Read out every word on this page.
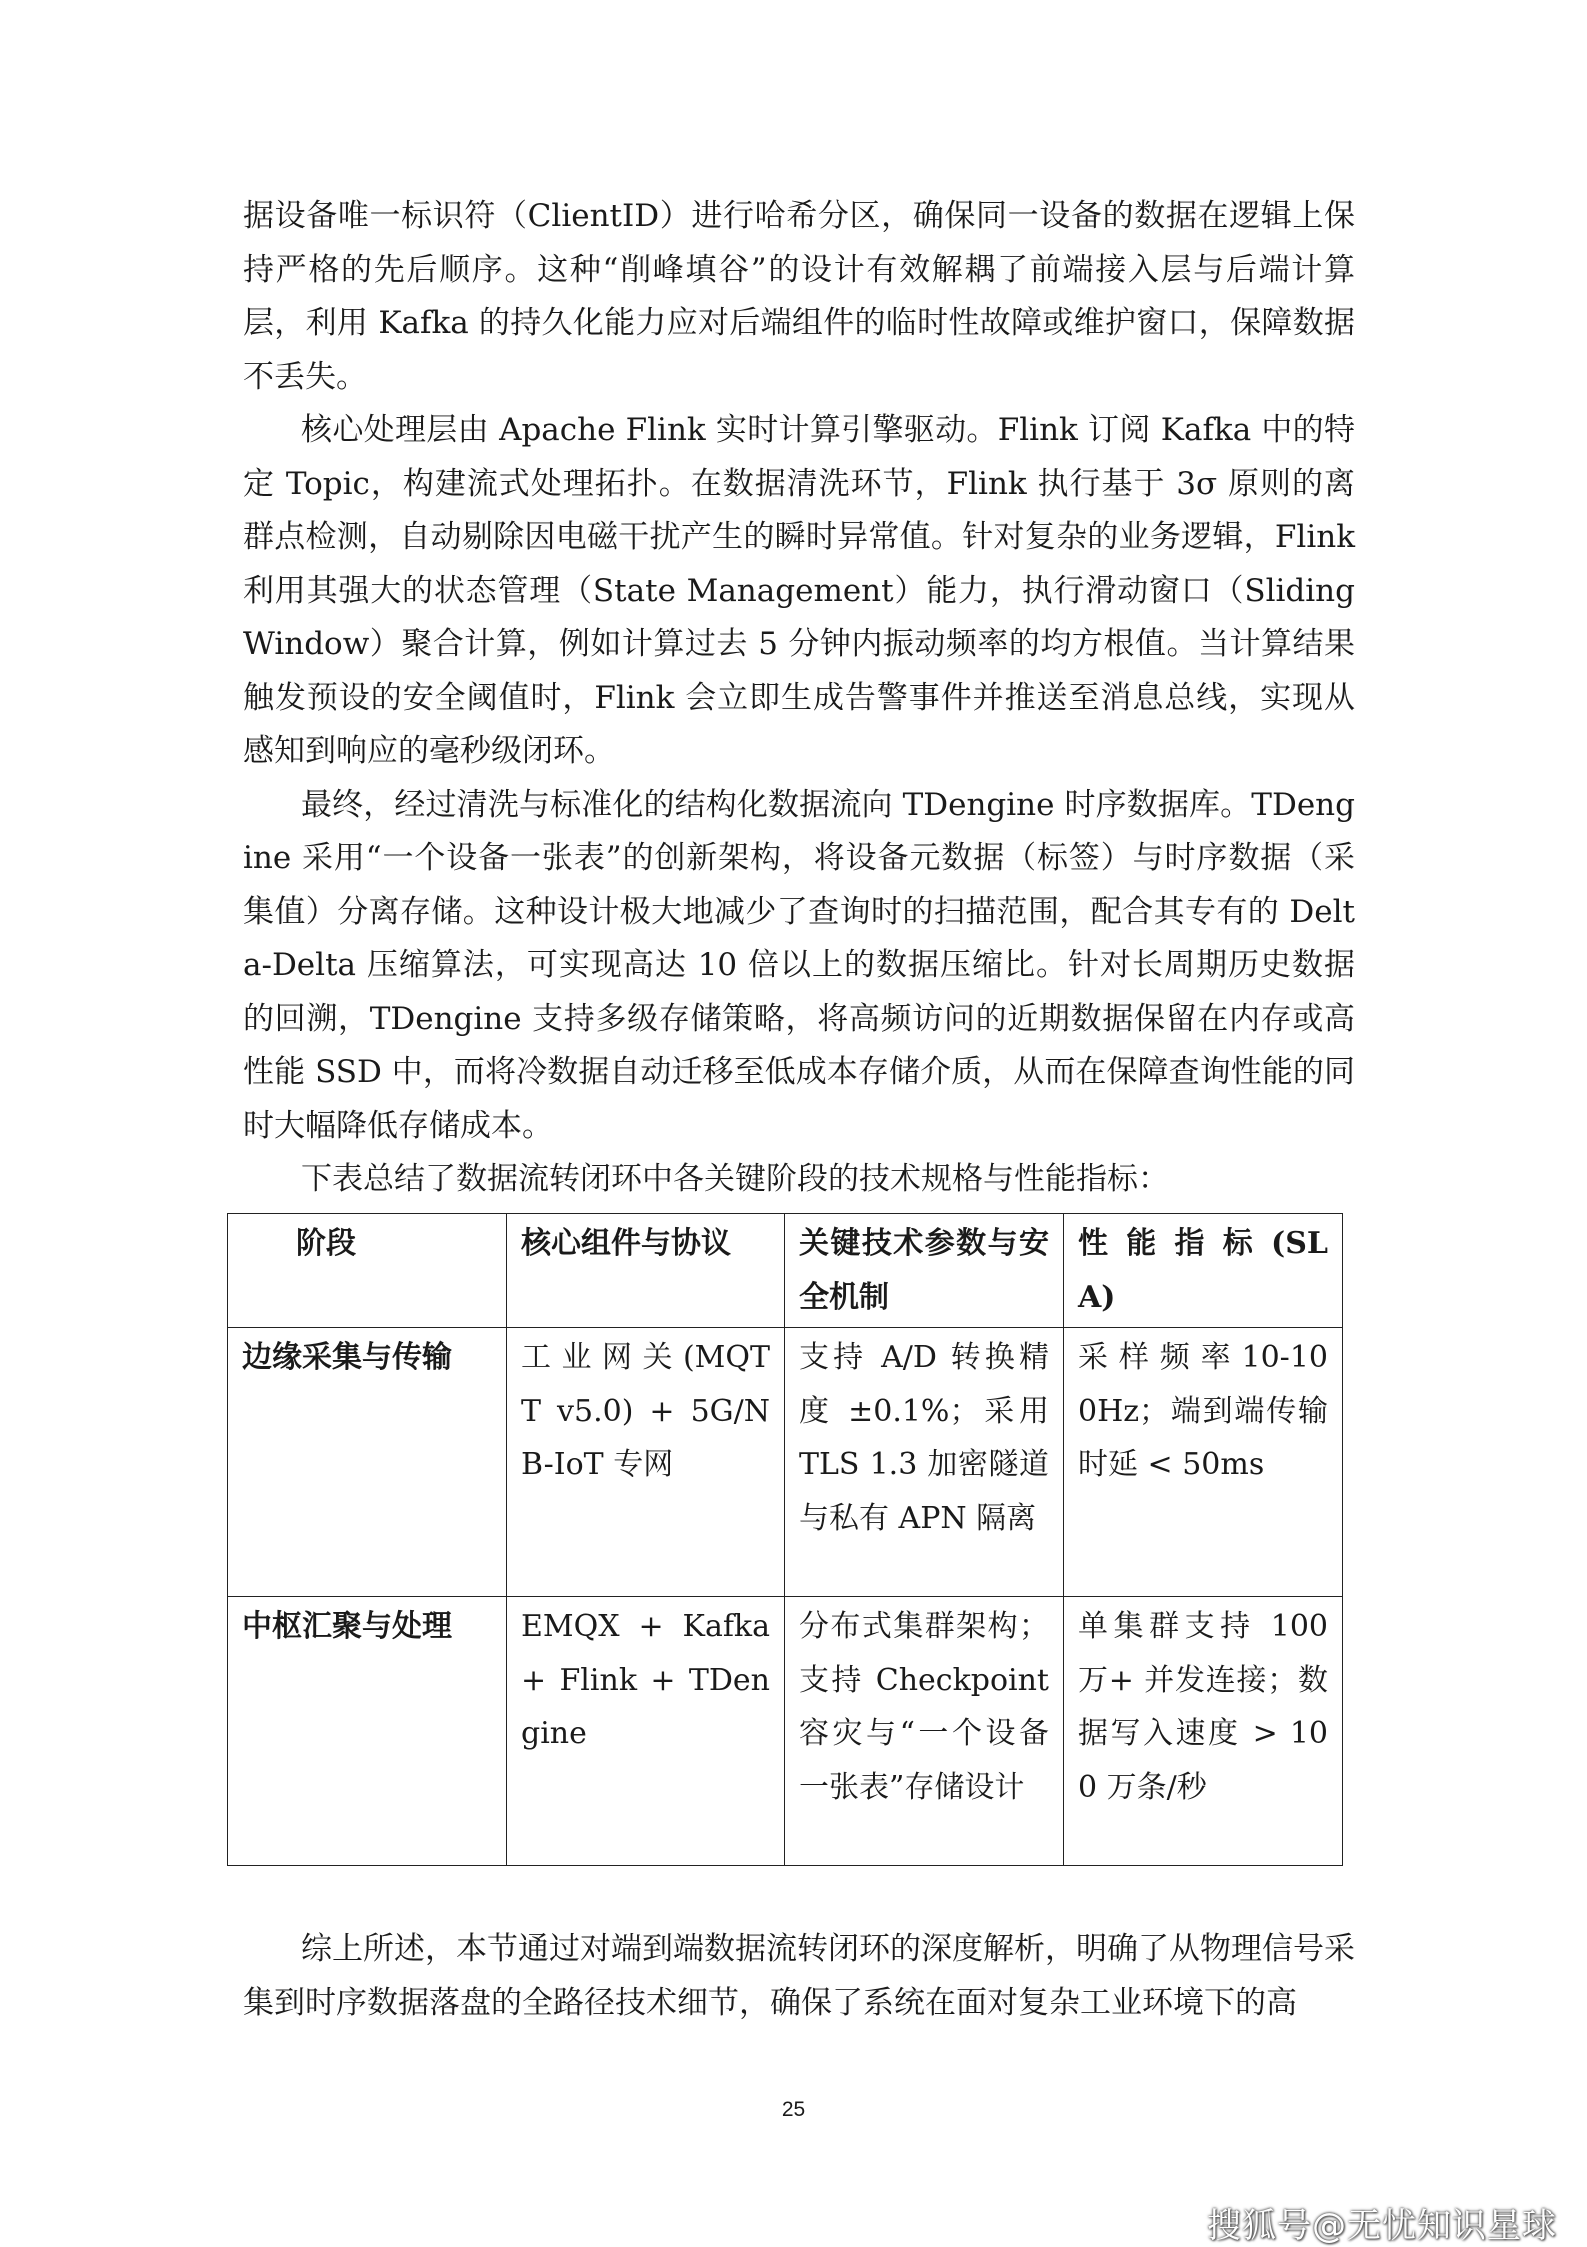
据设备唯一标识符（ClientID）进行哈希分区，确保同一设备的数据在逻辑上保持严格的先后顺序。这种“削峰填谷”的设计有效解耦了前端接入层与后端计算层，利用 Kafka 的持久化能力应对后端组件的临时性故障或维护窗口，保障数据不丢失。

核心处理层由 Apache Flink 实时计算引擎驱动。Flink 订阅 Kafka 中的特定 Topic，构建流式处理拓扑。在数据清洗环节，Flink 执行基于 3σ 原则的离群点检测，自动剔除因电磁干扰产生的瞬时异常值。针对复杂的业务逻辑，Flink 利用其强大的状态管理（State Management）能力，执行滑动窗口（Sliding Window）聚合计算，例如计算过去 5 分钟内振动频率的均方根值。当计算结果触发预设的安全阈值时，Flink 会立即生成告警事件并推送至消息总线，实现从感知到响应的毫秒级闭环。

最终，经过清洗与标准化的结构化数据流向 TDengine 时序数据库。TDengine 采用“一个设备一张表”的创新架构，将设备元数据（标签）与时序数据（采集值）分离存储。这种设计极大地减少了查询时的扫描范围，配合其专有的 Delta-Delta 压缩算法，可实现高达 10 倍以上的数据压缩比。针对长周期历史数据的回溯，TDengine 支持多级存储策略，将高频访问的近期数据保留在内存或高性能 SSD 中，而将冷数据自动迁移至低成本存储介质，从而在保障查询性能的同时大幅降低存储成本。

下表总结了数据流转闭环中各关键阶段的技术规格与性能指标：

阶段	核心组件与协议	关键技术参数与安全机制	性 能 指 标 (SLA)
边缘采集与传输	工 业 网 关 (MQTT v5.0) + 5G/NB-IoT 专网	支持 A/D 转换精度 ±0.1%；采用 TLS 1.3 加密隧道与私有 APN 隔离	采 样 频 率 10-100Hz；端到端传输时延 < 50ms
中枢汇聚与处理	EMQX + Kafka + Flink + TDengine	分布式集群架构；支持 Checkpoint 容灾与“一个设备一张表”存储设计	单集群支持 100 万+ 并发连接；数据写入速度 > 100 万条/秒

综上所述，本节通过对端到端数据流转闭环的深度解析，明确了从物理信号采集到时序数据落盘的全路径技术细节，确保了系统在面对复杂工业环境下的高

25
搜狐号@无忧知识星球
